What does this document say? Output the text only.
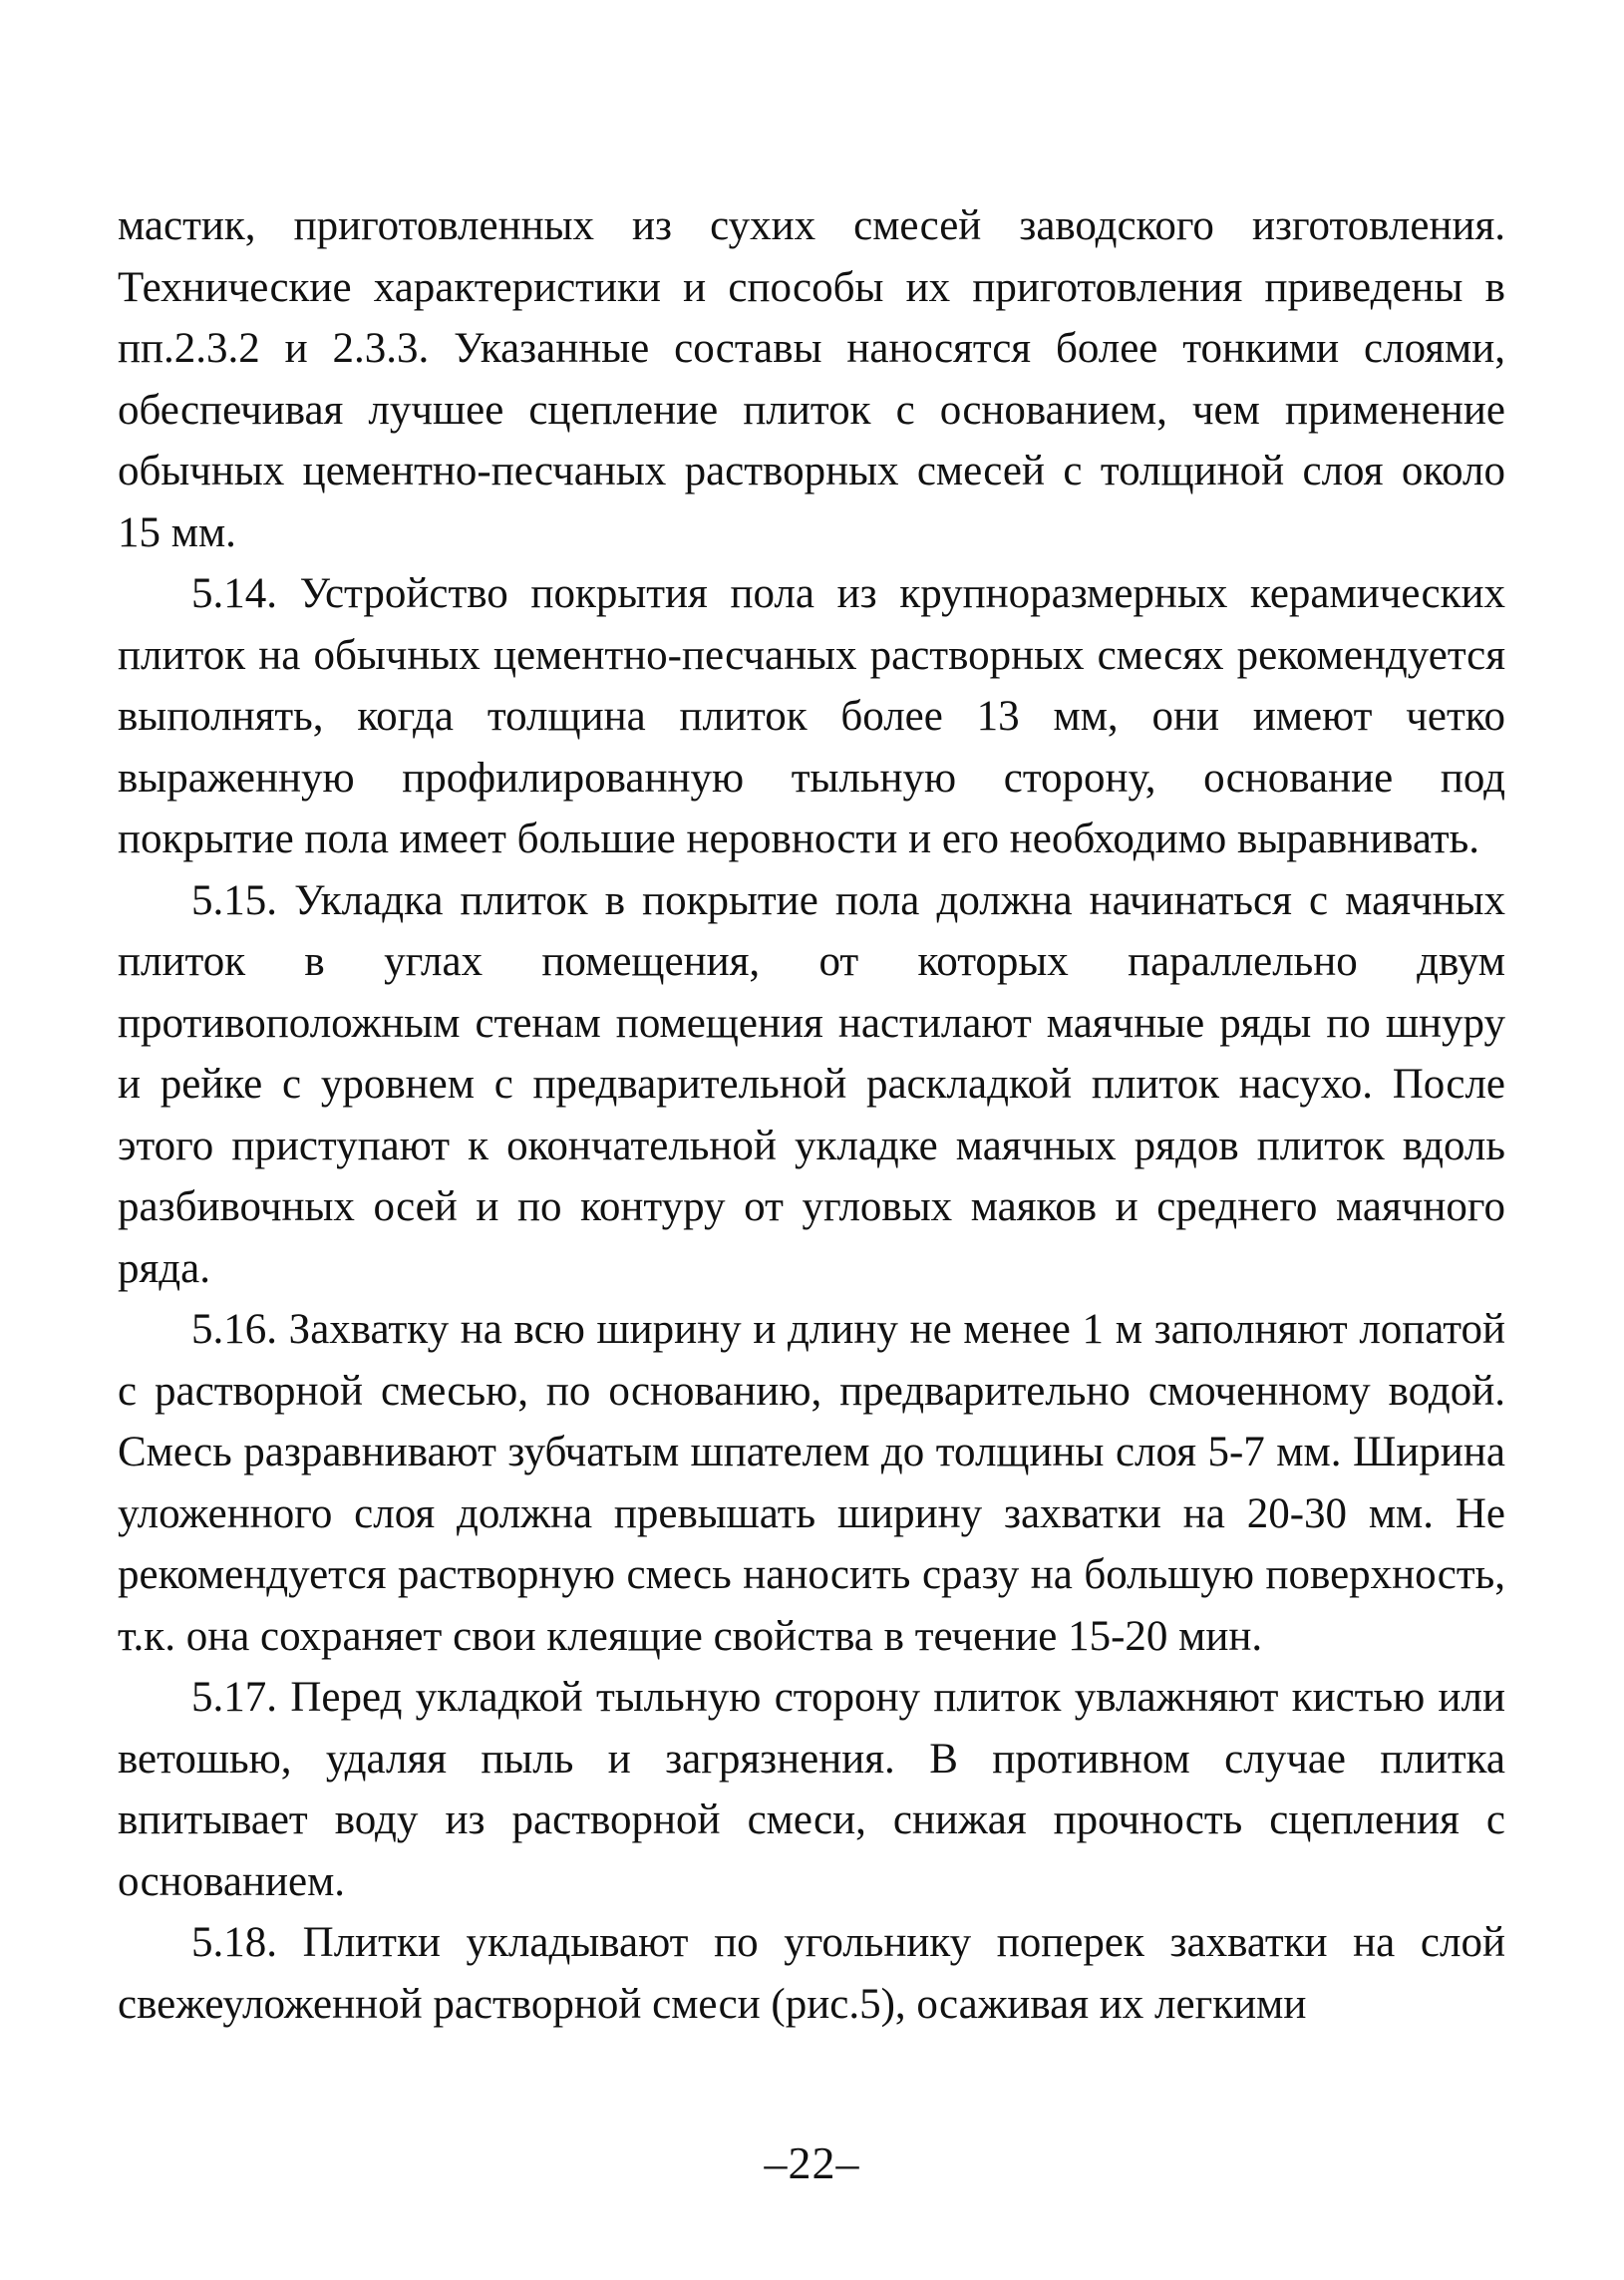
мастик, приготовленных из сухих смесей заводского изготовления. Технические характеристики и способы их приготовления приведены в пп.2.3.2 и 2.3.3. Указанные составы наносятся более тонкими слоями, обеспечивая лучшее сцепление плиток с основанием, чем применение обычных цементно-песчаных растворных смесей с толщиной слоя около 15 мм.

5.14. Устройство покрытия пола из крупноразмерных керамических плиток на обычных цементно-песчаных растворных смесях рекомендуется выполнять, когда толщина плиток более 13 мм, они имеют четко выраженную профилированную тыльную сторону, основание под покрытие пола имеет большие неровности и его необходимо выравнивать.

5.15. Укладка плиток в покрытие пола должна начинаться с маячных плиток в углах помещения, от которых параллельно двум противоположным стенам помещения настилают маячные ряды по шнуру и рейке с уровнем с предварительной раскладкой плиток насухо. После этого приступают к окончательной укладке маячных рядов плиток вдоль разбивочных осей и по контуру от угловых маяков и среднего маячного ряда.

5.16. Захватку на всю ширину и длину не менее 1 м заполняют лопатой с растворной смесью, по основанию, предварительно смоченному водой. Смесь разравнивают зубчатым шпателем до толщины слоя 5-7 мм. Ширина уложенного слоя должна превышать ширину захватки на 20-30 мм. Не рекомендуется растворную смесь наносить сразу на большую поверхность, т.к. она сохраняет свои клеящие свойства в течение 15-20 мин.

5.17. Перед укладкой тыльную сторону плиток увлажняют кистью или ветошью, удаляя пыль и загрязнения. В противном случае плитка впитывает воду из растворной смеси, снижая прочность сцепления с основанием.

5.18. Плитки укладывают по угольнику поперек захватки на слой свежеуложенной растворной смеси (рис.5), осаживая их легкими

–22–
